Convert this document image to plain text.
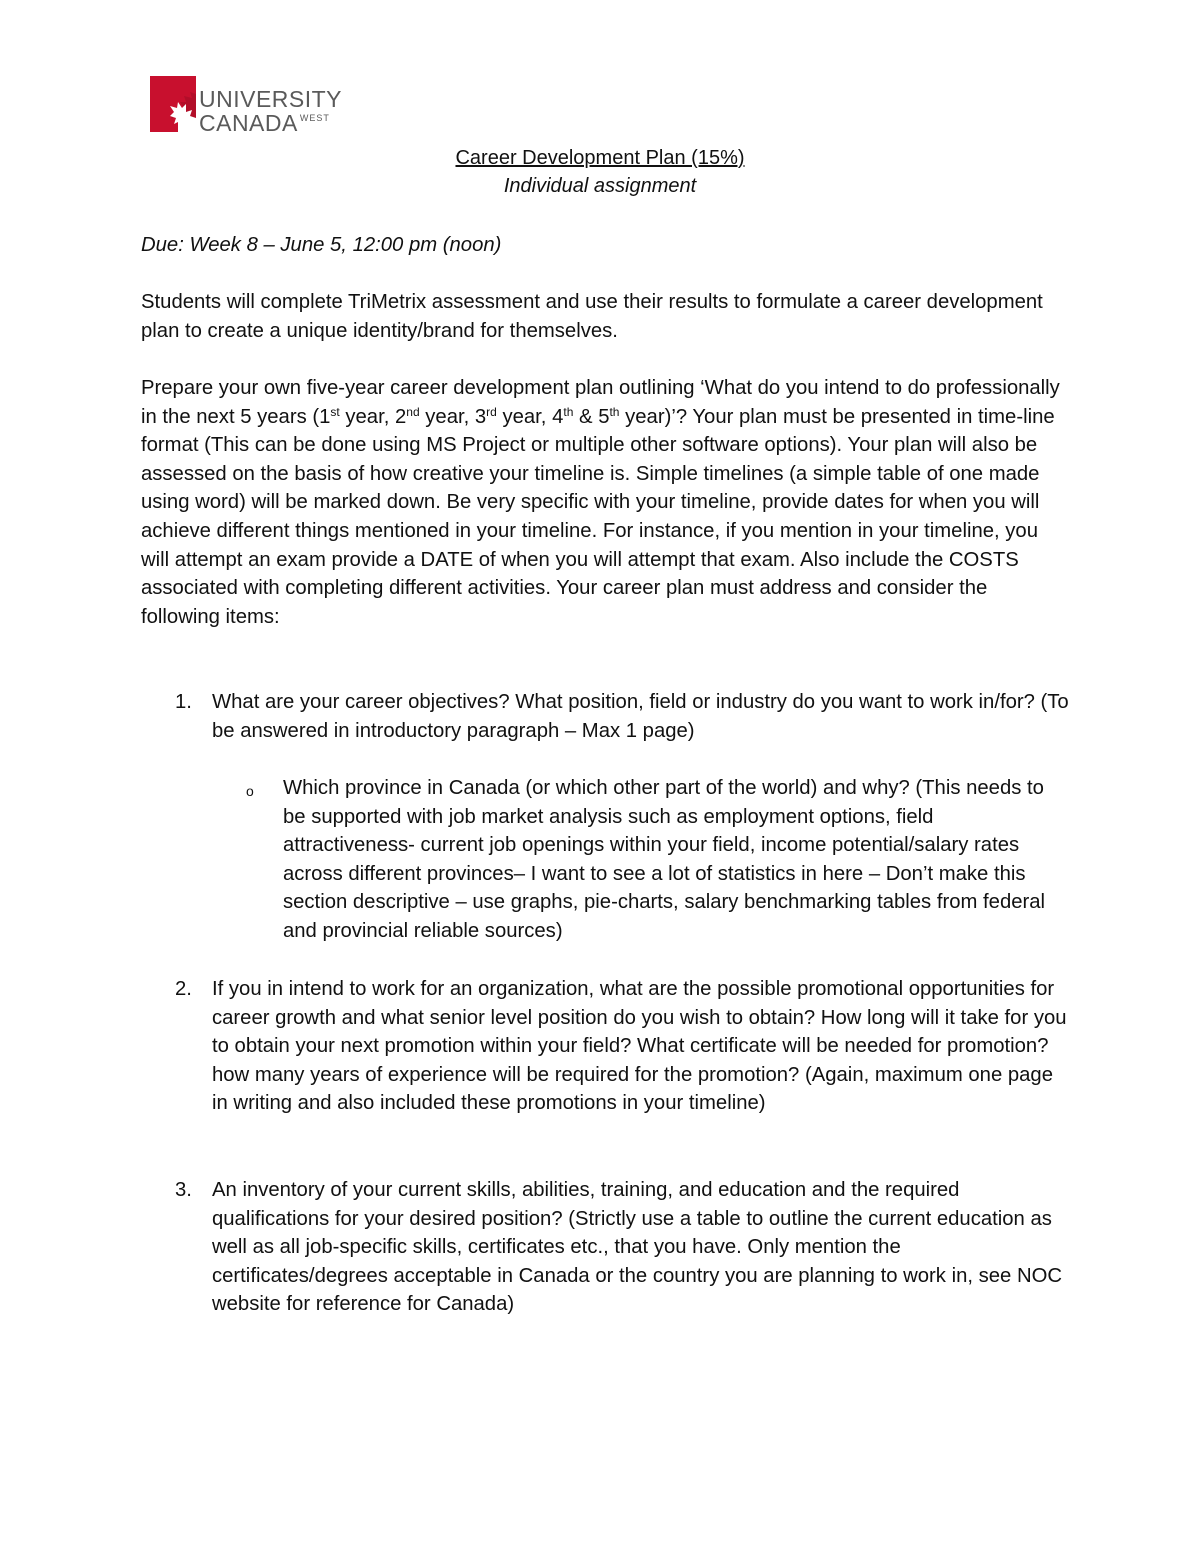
UNIVERSITY
CANADA $^{WEST}$
Career Development Plan (15%)
Individual assignment
Due: Week 8 – June 5, 12:00 pm (noon)
Students will complete TriMetrix assessment and use their results to formulate a career development plan to create a unique identity/brand for themselves.
Prepare your own five-year career development plan outlining ‘What do you intend to do professionally in the next 5 years (1st year, 2nd year, 3rd year, 4th & 5th year)’? Your plan must be presented in time-line format (This can be done using MS Project or multiple other software options). Your plan will also be assessed on the basis of how creative your timeline is. Simple timelines (a simple table of one made using word) will be marked down. Be very specific with your timeline, provide dates for when you will achieve different things mentioned in your timeline. For instance, if you mention in your timeline, you will attempt an exam provide a DATE of when you will attempt that exam. Also include the COSTS associated with completing different activities. Your career plan must address and consider the following items:
1. What are your career objectives? What position, field or industry do you want to work in/for? (To be answered in introductory paragraph – Max 1 page)
o Which province in Canada (or which other part of the world) and why? (This needs to be supported with job market analysis such as employment options, field attractiveness- current job openings within your field, income potential/salary rates across different provinces– I want to see a lot of statistics in here – Don’t make this section descriptive – use graphs, pie-charts, salary benchmarking tables from federal and provincial reliable sources)
2. If you in intend to work for an organization, what are the possible promotional opportunities for career growth and what senior level position do you wish to obtain? How long will it take for you to obtain your next promotion within your field? What certificate will be needed for promotion? how many years of experience will be required for the promotion? (Again, maximum one page in writing and also included these promotions in your timeline)
3. An inventory of your current skills, abilities, training, and education and the required qualifications for your desired position? (Strictly use a table to outline the current education as well as all job-specific skills, certificates etc., that you have. Only mention the certificates/degrees acceptable in Canada or the country you are planning to work in, see NOC website for reference for Canada)
